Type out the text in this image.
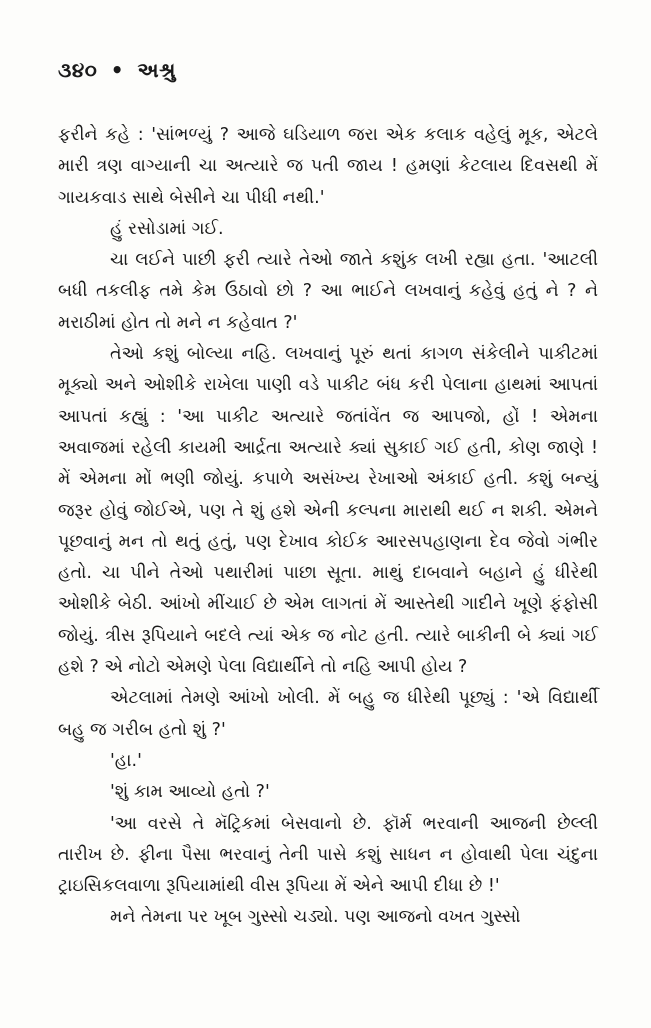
૩૪૦ • અશ્રુ

ફરીને કહે : 'સાંભળ્યું ? આજે ઘડિયાળ જરા એક કલાક વહેલું મૂક, એટલે મારી ત્રણ વાગ્યાની ચા અત્યારે જ પતી જાય ! હમણાં કેટલાય દિવસથી મેં ગાયકવાડ સાથે બેસીને ચા પીધી નથી.'

હું રસોડામાં ગઈ.

ચા લઈને પાછી ફરી ત્યારે તેઓ જાતે કશુંક લખી રહ્યા હતા. 'આટલી બધી તકલીફ તમે કેમ ઉઠાવો છો ? આ ભાઈને લખવાનું કહેવું હતું ને ? ને મરાઠીમાં હોત તો મને ન કહેવાત ?'

તેઓ કશું બોલ્યા નહિ. લખવાનું પૂરું થતાં કાગળ સંકેલીને પાકીટમાં મૂક્યો અને ઓશીકે રાખેલા પાણી વડે પાકીટ બંધ કરી પેલાના હાથમાં આપતાં આપતાં કહ્યું : 'આ પાકીટ અત્યારે જતાંવેંત જ આપજો, હોં ! એમના અવાજમાં રહેલી કાયમી આર્દ્રતા અત્યારે ક્યાં સુકાઈ ગઈ હતી, કોણ જાણે ! મેં એમના મોં ભણી જોયું. કપાળે અસંખ્ય રેખાઓ અંકાઈ હતી. કશું બન્યું જરૂર હોવું જોઈએ, પણ તે શું હશે એની કલ્પના મારાથી થઈ ન શકી. એમને પૂછવાનું મન તો થતું હતું, પણ દેખાવ કોઈક આરસપહાણના દેવ જેવો ગંભીર હતો. ચા પીને તેઓ પથારીમાં પાછા સૂતા. માથું દાબવાને બહાને હું ધીરેથી ઓશીકે બેઠી. આંખો મીંચાઈ છે એમ લાગતાં મેં આસ્તેથી ગાદીને ખૂણે ફંફોસી જોયું. ત્રીસ રૂપિયાને બદલે ત્યાં એક જ નોટ હતી. ત્યારે બાકીની બે ક્યાં ગઈ હશે ? એ નોટો એમણે પેલા વિદ્યાર્થીને તો નહિ આપી હોય ?

એટલામાં તેમણે આંખો ખોલી. મેં બહુ જ ધીરેથી પૂછ્યું : 'એ વિદ્યાર્થી બહુ જ ગરીબ હતો શું ?'

'હા.'

'શું કામ આવ્યો હતો ?'

'આ વરસે તે મૅટ્રિકમાં બેસવાનો છે. ફૉર્મ ભરવાની આજની છેલ્લી તારીખ છે. ફીના પૈસા ભરવાનું તેની પાસે કશું સાધન ન હોવાથી પેલા ચંદુના ટ્રાઇસિકલવાળા રૂપિયામાંથી વીસ રૂપિયા મેં એને આપી દીધા છે !'

મને તેમના પર ખૂબ ગુસ્સો ચડ્યો. પણ આજનો વખત ગુસ્સો
